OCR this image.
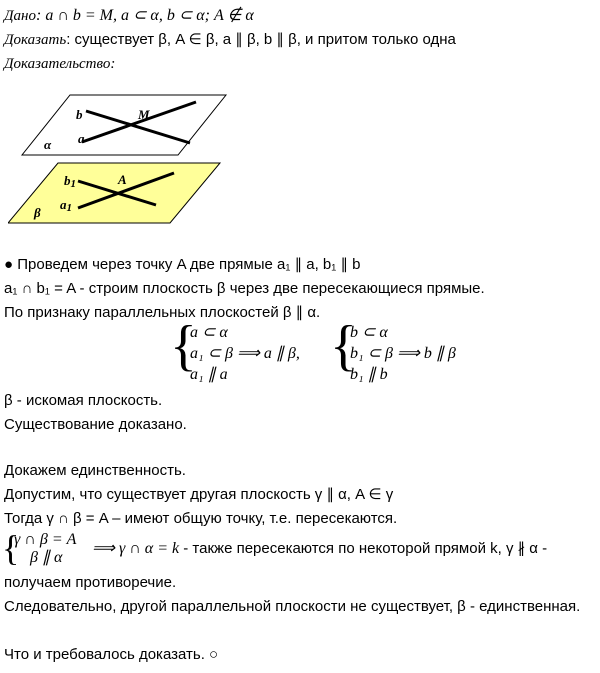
Дано: a ∩ b = M, a ⊂ α, b ⊂ α; A ∉ α
Доказать: существует β, A ∈ β, a ∥ β, b ∥ β, и притом только одна
Доказательство:
b	M
a
α
b1	A
a1
β
● Проведем через точку A две прямые a₁ ∥ a, b₁ ∥ b
a₁ ∩ b₁ = A - строим плоскость β через две пересекающиеся прямые.
По признаку параллельных плоскостей β ∥ α.
{
a ⊂ α
a₁ ⊂ β ⟹ a ∥ β,
a₁ ∥ a {
b ⊂ α
b₁ ⊂ β ⟹ b ∥ β
b₁ ∥ b
β - искомая плоскость.
Существование доказано.
Докажем единственность.
Допустим, что существует другая плоскость γ ∥ α, A ∈ γ
Тогда γ ∩ β = A – имеют общую точку, т.е. пересекаются.
{
γ ∩ β = A
β ∥ α
⟹ γ ∩ α = k - также пересекаются по некоторой прямой k, γ ∦ α -
получаем противоречие.
Следовательно, другой параллельной плоскости не существует, β - единственная.
Что и требовалось доказать. ○
